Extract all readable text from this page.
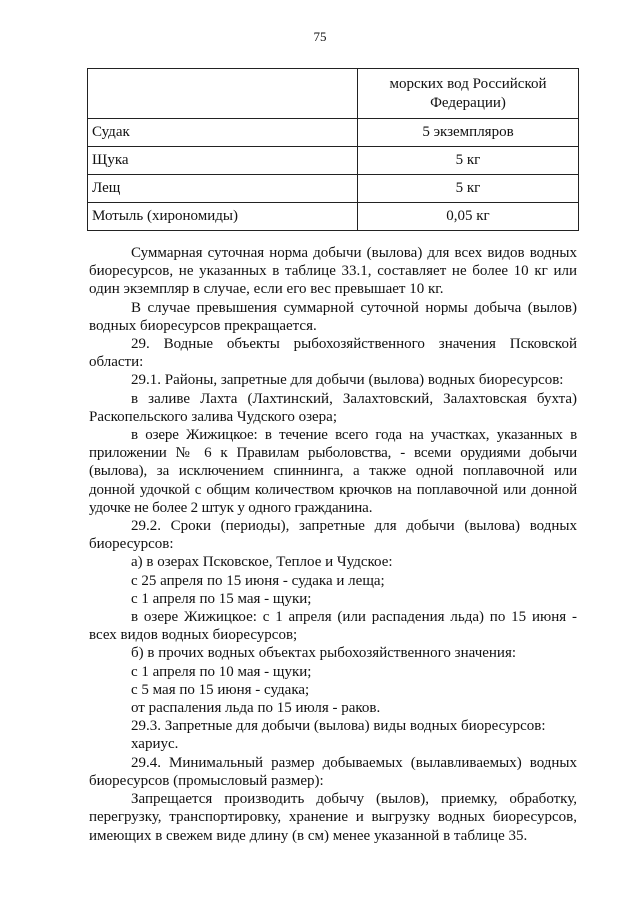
75
	морских вод Российской Федерации)
Судак	5 экземпляров
Щука	5 кг
Лещ	5 кг
Мотыль (хирономиды)	0,05 кг

Суммарная суточная норма добычи (вылова) для всех видов водных биоресурсов, не указанных в таблице 33.1, составляет не более 10 кг или один экземпляр в случае, если его вес превышает 10 кг.

В случае превышения суммарной суточной нормы добыча (вылов) водных биоресурсов прекращается.

29. Водные объекты рыбохозяйственного значения Псковской области:

29.1. Районы, запретные для добычи (вылова) водных биоресурсов:

в заливе Лахта (Лахтинский, Залахтовский, Залахтовская бухта) Раскопельского залива Чудского озера;

в озере Жижицкое: в течение всего года на участках, указанных в приложении № 6 к Правилам рыболовства, - всеми орудиями добычи (вылова), за исключением спиннинга, а также одной поплавочной или донной удочкой с общим количеством крючков на поплавочной или донной удочке не более 2 штук у одного гражданина.

29.2. Сроки (периоды), запретные для добычи (вылова) водных биоресурсов:

а) в озерах Псковское, Теплое и Чудское:

с 25 апреля по 15 июня - судака и леща;

с 1 апреля по 15 мая - щуки;

в озере Жижицкое: с 1 апреля (или распадения льда) по 15 июня - всех видов водных биоресурсов;

б) в прочих водных объектах рыбохозяйственного значения:

с 1 апреля по 10 мая - щуки;

с 5 мая по 15 июня - судака;

от распаления льда по 15 июля - раков.

29.3. Запретные для добычи (вылова) виды водных биоресурсов:

хариус.

29.4. Минимальный размер добываемых (вылавливаемых) водных биоресурсов (промысловый размер):

Запрещается производить добычу (вылов), приемку, обработку, перегрузку, транспортировку, хранение и выгрузку водных биоресурсов, имеющих в свежем виде длину (в см) менее указанной в таблице 35.
